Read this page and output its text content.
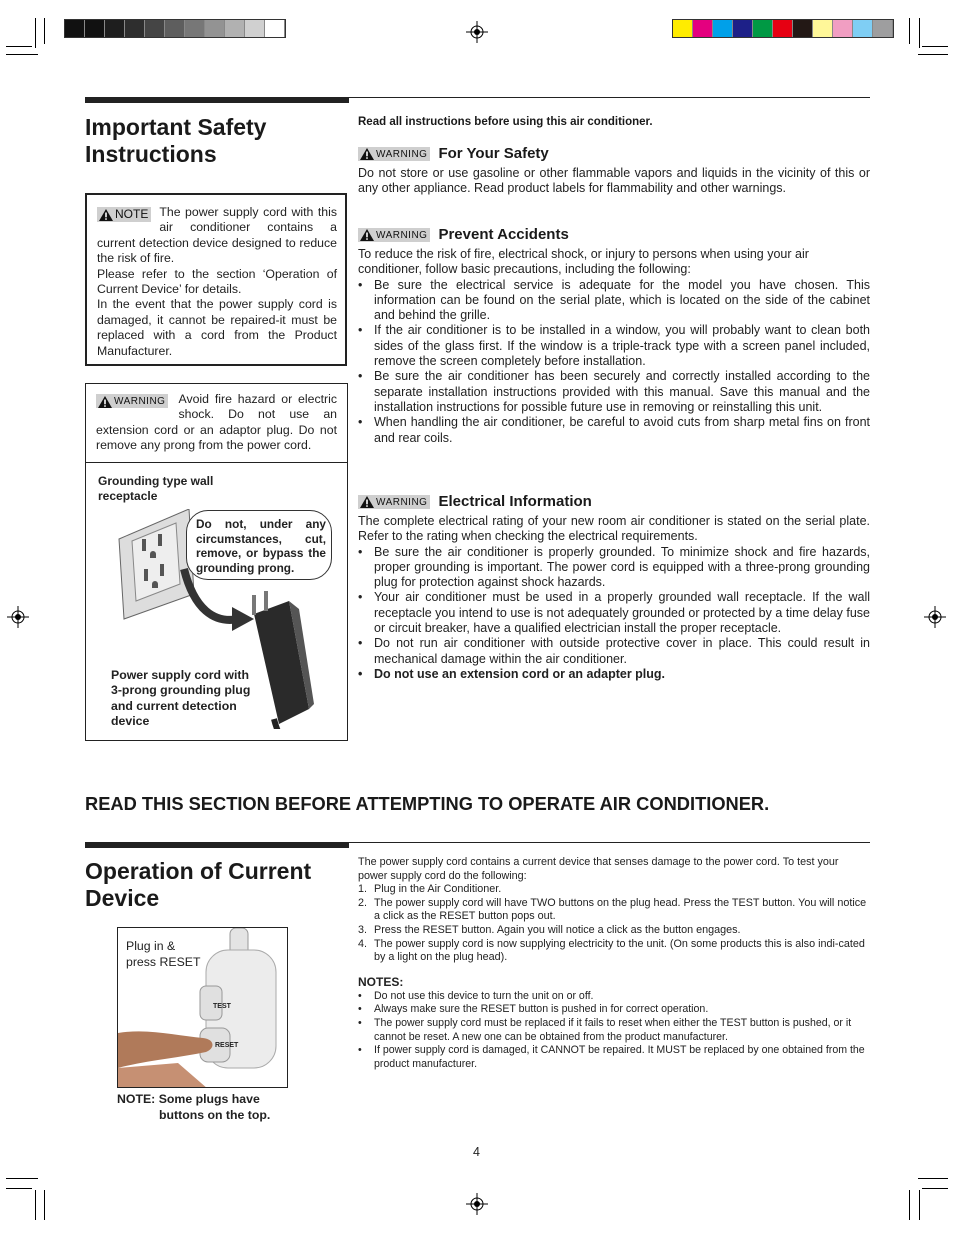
Important Safety Instructions

Read all instructions before using this air conditioner.

NOTE The power supply cord with this air conditioner contains a current detection device designed to reduce the risk of fire.

Please refer to the section ‘Operation of Current Device’ for details.

In the event that the power supply cord is damaged, it cannot be repaired-it must be replaced with a cord from the Product Manufacturer.

WARNING Avoid fire hazard or electric shock. Do not use an extension cord or an adaptor plug. Do not remove any prong from the power cord.

Grounding type wall receptacle

Do not, under any circumstances, cut, remove, or bypass the grounding prong.

Power supply cord with 3-prong grounding plug and current detection device

WARNING For Your Safety

Do not store or use gasoline or other flammable vapors and liquids in the vicinity of this or any other appliance. Read product labels for flammability and other warnings.

WARNING Prevent Accidents

To reduce the risk of fire, electrical shock, or injury to persons when using your air conditioner, follow basic precautions, including the following:

• Be sure the electrical service is adequate for the model you have chosen. This information can be found on the serial plate, which is located on the side of the cabinet and behind the grille.
• If the air conditioner is to be installed in a window, you will probably want to clean both sides of the glass first. If the window is a triple-track type with a screen panel included, remove the screen completely before installation.
• Be sure the air conditioner has been securely and correctly installed according to the separate installation instructions provided with this manual. Save this manual and the installation instructions for possible future use in removing or reinstalling this unit.
• When handling the air conditioner, be careful to avoid cuts from sharp metal fins on front and rear coils.
WARNING Electrical Information

The complete electrical rating of your new room air conditioner is stated on the serial plate. Refer to the rating when checking the electrical requirements.

• Be sure the air conditioner is properly grounded. To minimize shock and fire hazards, proper grounding is important. The power cord is equipped with a three-prong grounding plug for protection against shock hazards.
• Your air conditioner must be used in a properly grounded wall receptacle. If the wall receptacle you intend to use is not adequately grounded or protected by a time delay fuse or circuit breaker, have a qualified electrician install the proper receptacle.
• Do not run air conditioner with outside protective cover in place. This could result in mechanical damage within the air conditioner.
• Do not use an extension cord or an adapter plug.

READ THIS SECTION BEFORE ATTEMPTING TO OPERATE AIR CONDITIONER.

Operation of Current Device

The power supply cord contains a current device that senses damage to the power cord. To test your power supply cord do the following:

1. Plug in the Air Conditioner.
2. The power supply cord will have TWO buttons on the plug head. Press the TEST button. You will notice a click as the RESET button pops out.
3. Press the RESET button. Again you will notice a click as the button engages.
4. The power supply cord is now supplying electricity to the unit. (On some products this is also indi-cated by a light on the plug head).

NOTES:

• Do not use this device to turn the unit on or off.
• Always make sure the RESET button is pushed in for correct operation.
• The power supply cord must be replaced if it fails to reset when either the TEST button is pushed, or it cannot be reset. A new one can be obtained from the product manufacturer.
• If power supply cord is damaged, it CANNOT be repaired. It MUST be replaced by one obtained from the product manufacturer.
TEST
RESET

Plug in & press RESET

NOTE: Some plugs have
buttons on the top.

4
